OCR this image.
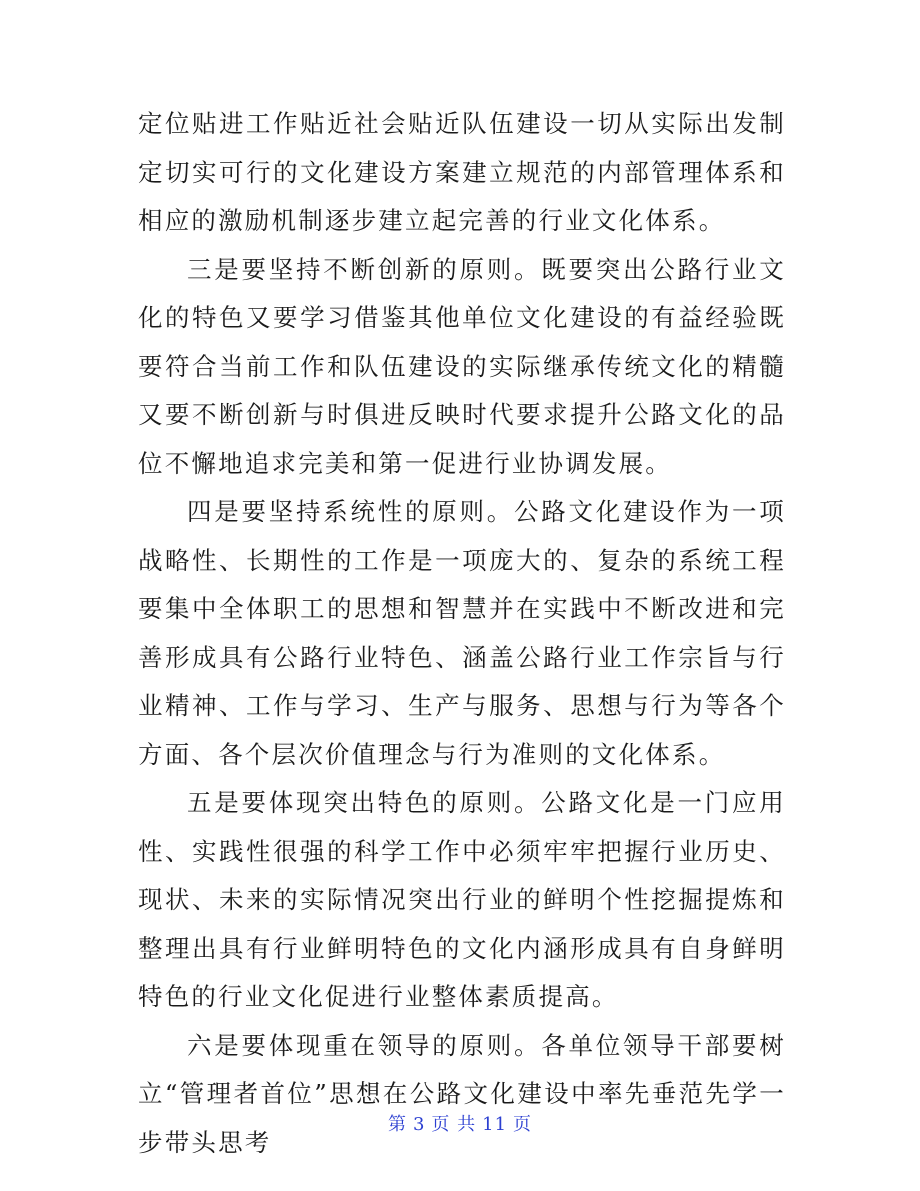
定位贴进工作贴近社会贴近队伍建设一切从实际出发制定切实可行的文化建设方案建立规范的内部管理体系和相应的激励机制逐步建立起完善的行业文化体系。

三是要坚持不断创新的原则。既要突出公路行业文化的特色又要学习借鉴其他单位文化建设的有益经验既要符合当前工作和队伍建设的实际继承传统文化的精髓又要不断创新与时俱进反映时代要求提升公路文化的品位不懈地追求完美和第一促进行业协调发展。

四是要坚持系统性的原则。公路文化建设作为一项战略性、长期性的工作是一项庞大的、复杂的系统工程要集中全体职工的思想和智慧并在实践中不断改进和完善形成具有公路行业特色、涵盖公路行业工作宗旨与行业精神、工作与学习、生产与服务、思想与行为等各个方面、各个层次价值理念与行为准则的文化体系。

五是要体现突出特色的原则。公路文化是一门应用性、实践性很强的科学工作中必须牢牢把握行业历史、现状、未来的实际情况突出行业的鲜明个性挖掘提炼和整理出具有行业鲜明特色的文化内涵形成具有自身鲜明特色的行业文化促进行业整体素质提高。

六是要体现重在领导的原则。各单位领导干部要树立“管理者首位”思想在公路文化建设中率先垂范先学一步带头思考

第 3 页 共 11 页
